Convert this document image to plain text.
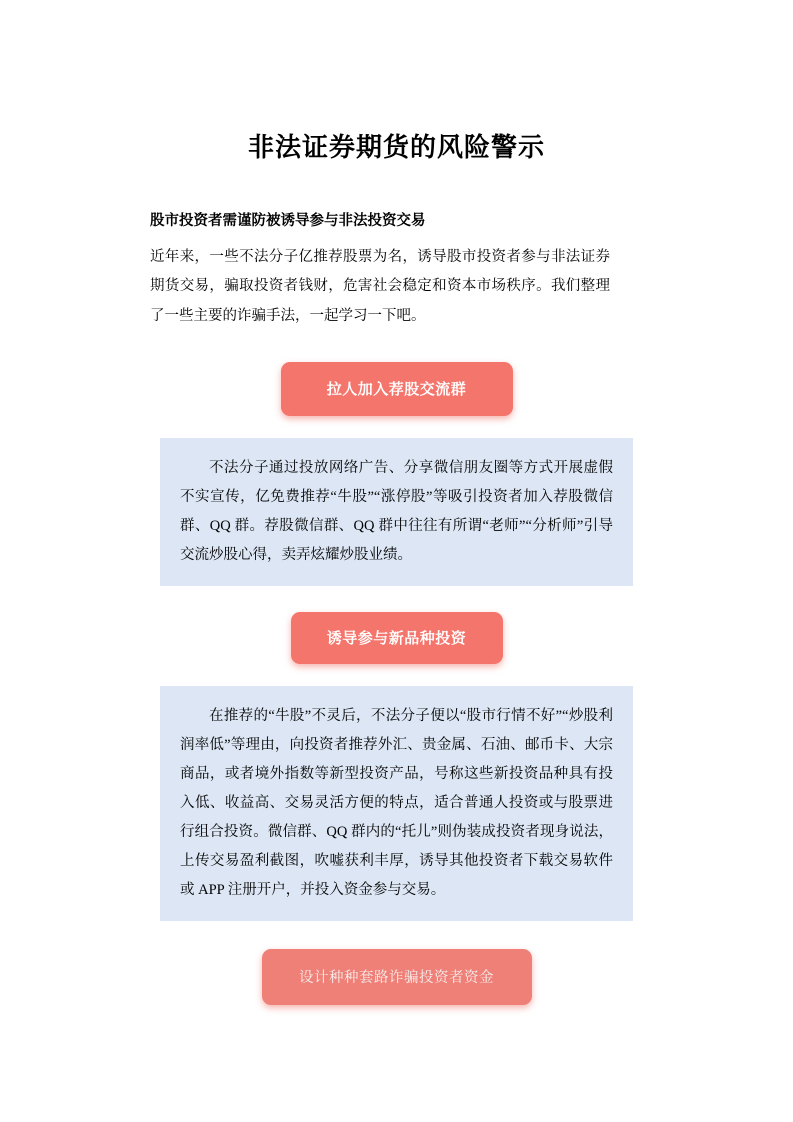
非法证券期货的风险警示
股市投资者需谨防被诱导参与非法投资交易
近年来，一些不法分子亿推荐股票为名，诱导股市投资者参与非法证券期货交易，骗取投资者钱财，危害社会稳定和资本市场秩序。我们整理了一些主要的诈骗手法，一起学习一下吧。
拉人加入荐股交流群

不法分子通过投放网络广告、分享微信朋友圈等方式开展虚假不实宣传，亿免费推荐“牛股”“涨停股”等吸引投资者加入荐股微信群、QQ 群。荐股微信群、QQ 群中往往有所谓“老师”“分析师”引导交流炒股心得，卖弄炫耀炒股业绩。

诱导参与新品种投资

在推荐的“牛股”不灵后，不法分子便以“股市行情不好”“炒股利润率低”等理由，向投资者推荐外汇、贵金属、石油、邮币卡、大宗商品，或者境外指数等新型投资产品，号称这些新投资品种具有投入低、收益高、交易灵活方便的特点，适合普通人投资或与股票进行组合投资。微信群、QQ 群内的“托儿”则伪装成投资者现身说法，上传交易盈利截图，吹嘘获利丰厚，诱导其他投资者下载交易软件或 APP 注册开户，并投入资金参与交易。

设计种种套路诈骗投资者资金
